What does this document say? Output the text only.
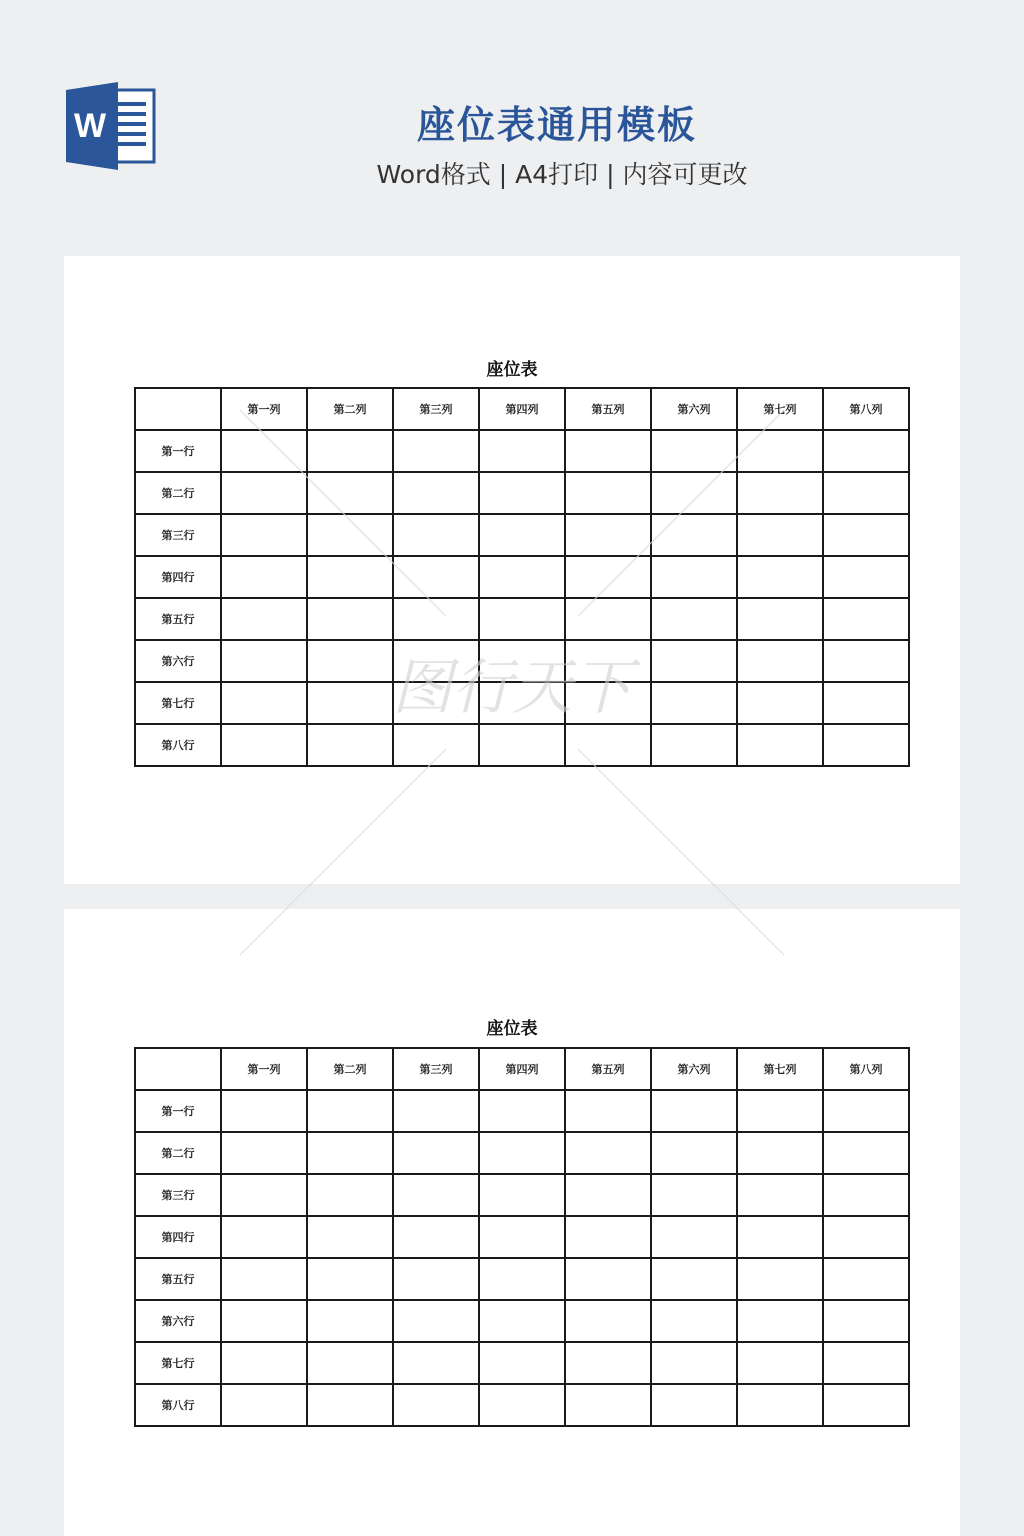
W	座位表通用模板
Word格式 | A4打印 | 内容可更改
座位表
	第一列	第二列	第三列	第四列	第五列	第六列	第七列	第八列
第一行								
第二行								
第三行								
第四行								
第五行								
第六行								
第七行								
第八行								
座位表
	第一列	第二列	第三列	第四列	第五列	第六列	第七列	第八列
第一行								
第二行								
第三行								
第四行								
第五行								
第六行								
第七行								
第八行								
图行天下
